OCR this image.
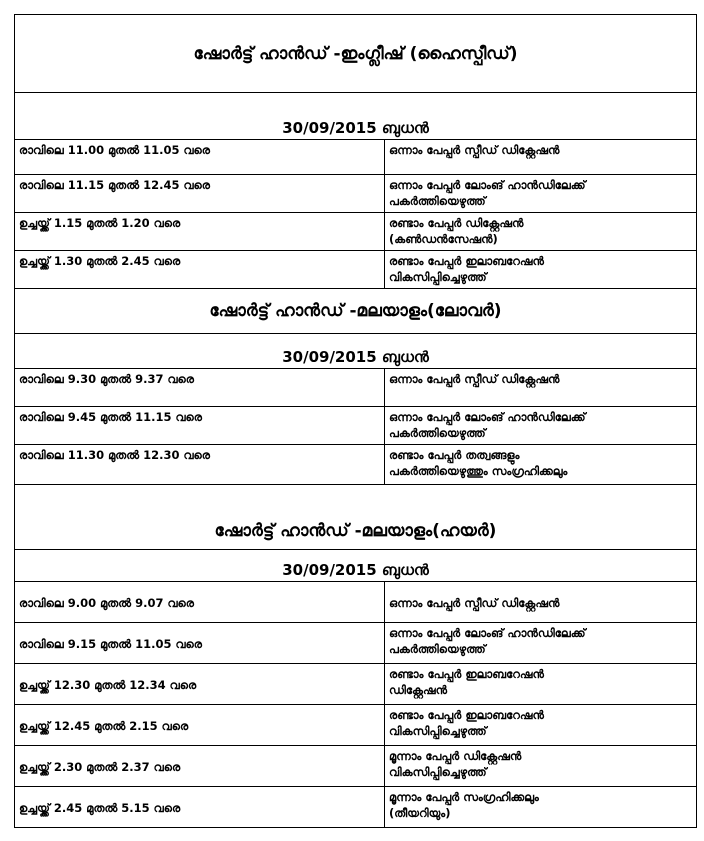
ഷോർട്ട് ഹാൻഡ് -ഇംഗ്ലീഷ് (ഹൈസ്പീഡ്)	
30/09/2015 ബുധൻ	
രാവിലെ 11.00 മുതൽ 11.05 വരെ	ഒന്നാം പേപ്പർ സ്പീഡ് ഡിക്റ്റേഷൻ

രാവിലെ 11.15 മുതൽ 12.45 വരെ	ഒന്നാം പേപ്പർ ലോംങ് ഹാൻഡിലേക്ക്
പകർത്തിയെഴുത്ത്

ഉച്ചയ്ക്ക് 1.15 മുതൽ 1.20 വരെ	രണ്ടാം പേപ്പർ ഡിക്റ്റേഷൻ
(കൺഡൻസേഷൻ)

ഉച്ചയ്ക്ക് 1.30 മുതൽ 2.45 വരെ	രണ്ടാം പേപ്പർ ഇലാബറേഷൻ
വികസിപ്പിച്ചെഴുത്ത്

ഷോർട്ട് ഹാൻഡ് -മലയാളം(ലോവർ)	
30/09/2015 ബുധൻ	
രാവിലെ 9.30 മുതൽ 9.37 വരെ	ഒന്നാം പേപ്പർ സ്പീഡ് ഡിക്റ്റേഷൻ

രാവിലെ 9.45 മുതൽ 11.15 വരെ	ഒന്നാം പേപ്പർ ലോംങ് ഹാൻഡിലേക്ക്
പകർത്തിയെഴുത്ത്

രാവിലെ 11.30 മുതൽ 12.30 വരെ	രണ്ടാം പേപ്പർ തത്വങ്ങളും
പകർത്തിയെഴുത്തും സംഗ്രഹിക്കലും

ഷോർട്ട് ഹാൻഡ് -മലയാളം(ഹയർ)	
30/09/2015 ബുധൻ	
രാവിലെ 9.00 മുതൽ 9.07 വരെ	ഒന്നാം പേപ്പർ സ്പീഡ് ഡിക്റ്റേഷൻ

രാവിലെ 9.15 മുതൽ 11.05 വരെ	ഒന്നാം പേപ്പർ ലോംങ് ഹാൻഡിലേക്ക്
പകർത്തിയെഴുത്ത്

ഉച്ചയ്ക്ക് 12.30 മുതൽ 12.34 വരെ	രണ്ടാം പേപ്പർ ഇലാബറേഷൻ
ഡിക്റ്റേഷൻ

ഉച്ചയ്ക്ക് 12.45 മുതൽ 2.15 വരെ	രണ്ടാം പേപ്പർ ഇലാബറേഷൻ
വികസിപ്പിച്ചെഴുത്ത്

ഉച്ചയ്ക്ക് 2.30 മുതൽ 2.37 വരെ	മൂന്നാം പേപ്പർ ഡിക്റ്റേഷൻ
വികസിപ്പിച്ചെഴുത്ത്

ഉച്ചയ്ക്ക് 2.45 മുതൽ 5.15 വരെ	മൂന്നാം പേപ്പർ സംഗ്രഹിക്കലും
(തീയറിയും)
